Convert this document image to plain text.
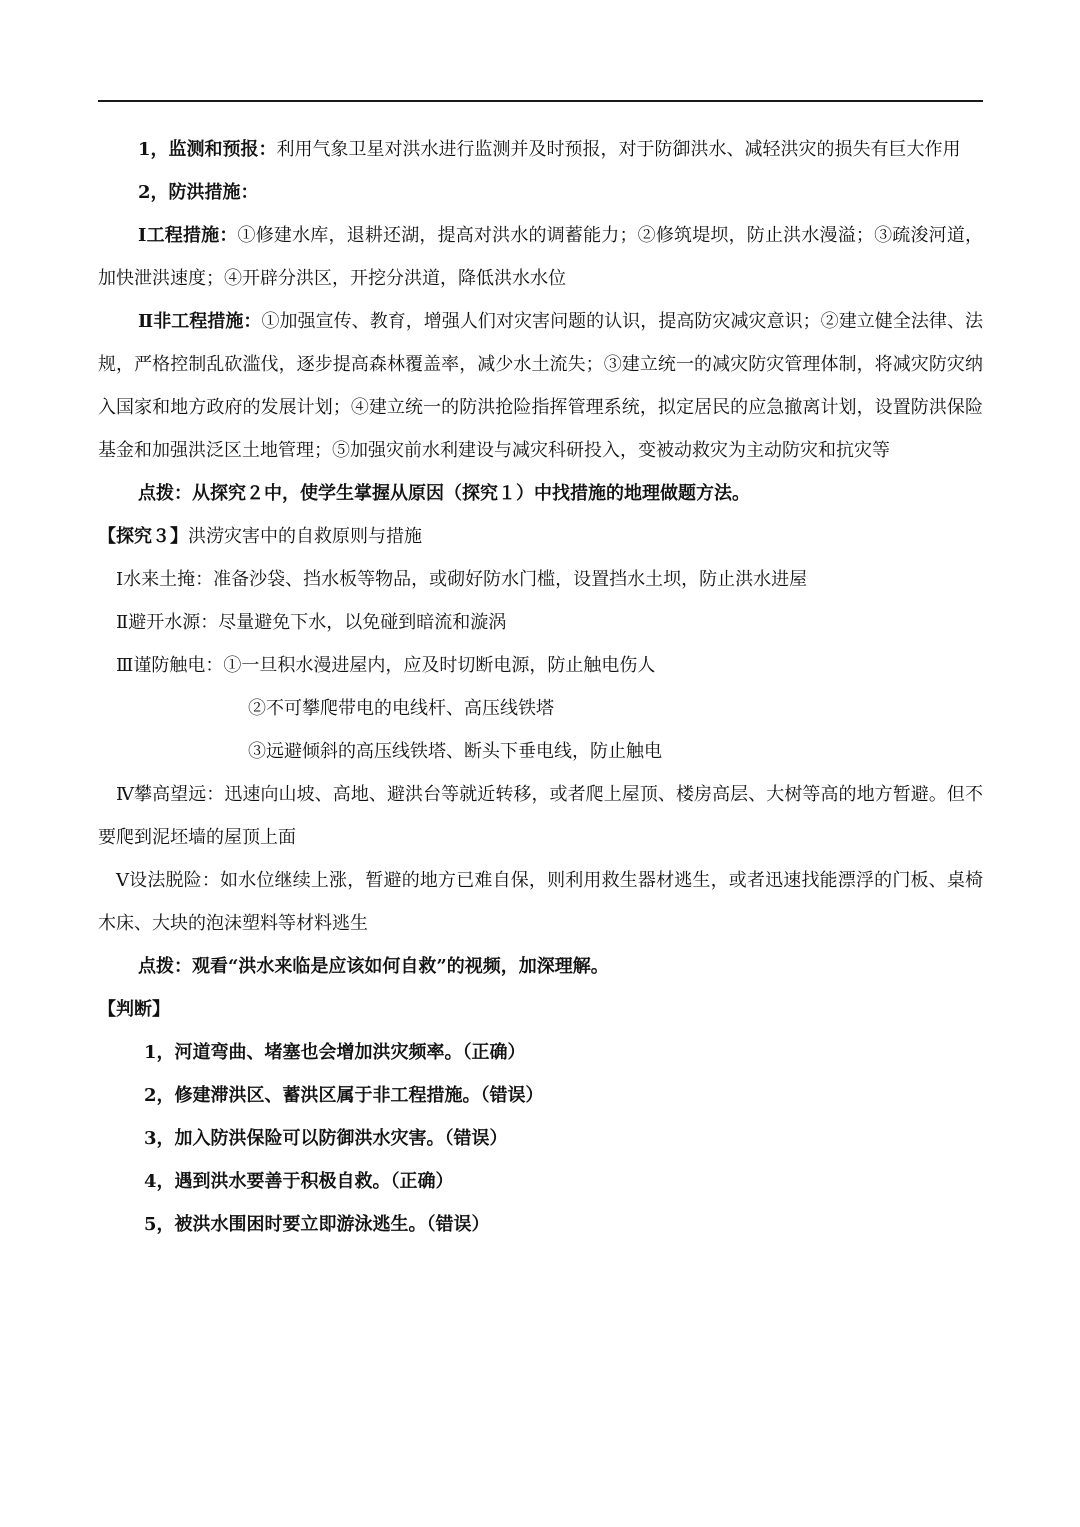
1，监测和预报：利用气象卫星对洪水进行监测并及时预报，对于防御洪水、减轻洪灾的损失有巨大作用

2，防洪措施：

Ⅰ工程措施：①修建水库，退耕还湖，提高对洪水的调蓄能力；②修筑堤坝，防止洪水漫溢；③疏浚河道，加快泄洪速度；④开辟分洪区，开挖分洪道，降低洪水水位

Ⅱ非工程措施：①加强宣传、教育，增强人们对灾害问题的认识，提高防灾减灾意识；②建立健全法律、法规，严格控制乱砍滥伐，逐步提高森林覆盖率，减少水土流失；③建立统一的减灾防灾管理体制，将减灾防灾纳入国家和地方政府的发展计划；④建立统一的防洪抢险指挥管理系统，拟定居民的应急撤离计划，设置防洪保险基金和加强洪泛区土地管理；⑤加强灾前水利建设与减灾科研投入，变被动救灾为主动防灾和抗灾等

点拨：从探究２中，使学生掌握从原因（探究１）中找措施的地理做题方法。

【探究３】洪涝灾害中的自救原则与措施

Ⅰ水来土掩：准备沙袋、挡水板等物品，或砌好防水门槛，设置挡水土坝，防止洪水进屋

Ⅱ避开水源：尽量避免下水，以免碰到暗流和漩涡

Ⅲ谨防触电：①一旦积水漫进屋内，应及时切断电源，防止触电伤人

②不可攀爬带电的电线杆、高压线铁塔

③远避倾斜的高压线铁塔、断头下垂电线，防止触电

Ⅳ攀高望远：迅速向山坡、高地、避洪台等就近转移，或者爬上屋顶、楼房高层、大树等高的地方暂避。但不要爬到泥坯墙的屋顶上面

Ⅴ设法脱险：如水位继续上涨，暂避的地方已难自保，则利用救生器材逃生，或者迅速找能漂浮的门板、桌椅木床、大块的泡沫塑料等材料逃生

点拨：观看“洪水来临是应该如何自救”的视频，加深理解。

【判断】

1，河道弯曲、堵塞也会增加洪灾频率。（正确）

2，修建滞洪区、蓄洪区属于非工程措施。（错误）

3，加入防洪保险可以防御洪水灾害。（错误）

4，遇到洪水要善于积极自救。（正确）

5，被洪水围困时要立即游泳逃生。（错误）
